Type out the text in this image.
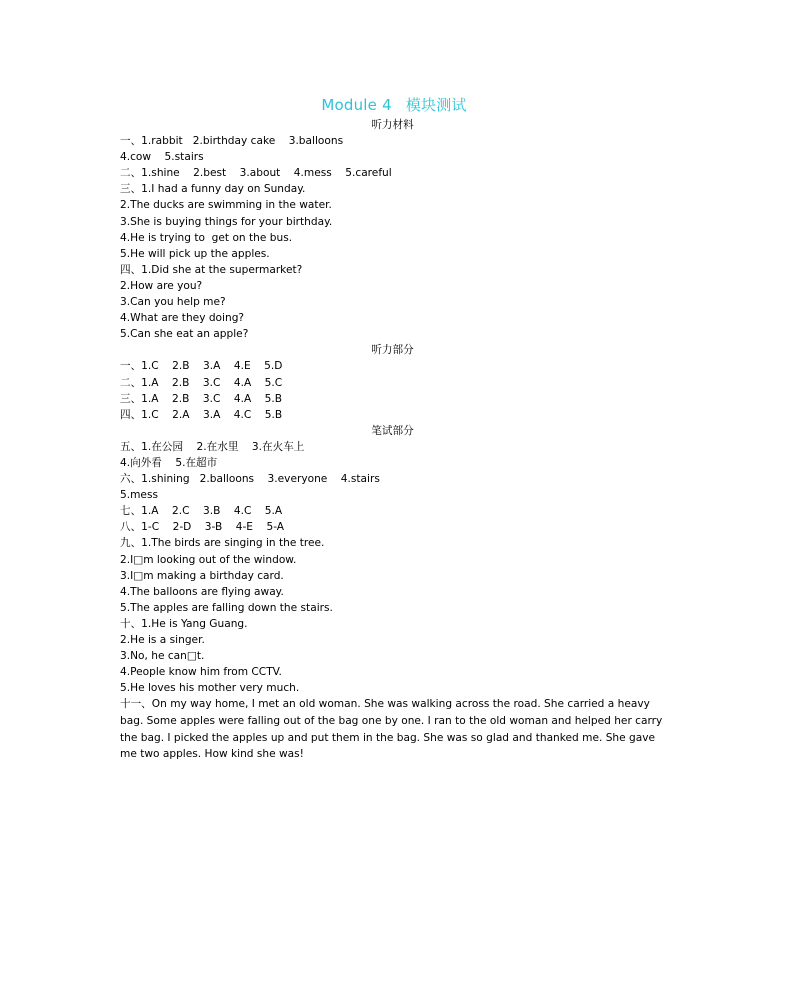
Module 4 模块测试
听力材料
一、1.rabbit   2.birthday cake    3.balloons
4.cow    5.stairs
二、1.shine    2.best    3.about    4.mess    5.careful
三、1.I had a funny day on Sunday.
2.The ducks are swimming in the water.
3.She is buying things for your birthday.
4.He is trying to  get on the bus.
5.He will pick up the apples.
四、1.Did she at the supermarket?
2.How are you?
3.Can you help me?
4.What are they doing?
5.Can she eat an apple?
听力部分
一、1.C    2.B    3.A    4.E    5.D
二、1.A    2.B    3.C    4.A    5.C
三、1.A    2.B    3.C    4.A    5.B
四、1.C    2.A    3.A    4.C    5.B
笔试部分
五、1.在公园    2.在水里    3.在火车上
4.向外看    5.在超市
六、1.shining   2.balloons    3.everyone    4.stairs
5.mess
七、1.A    2.C    3.B    4.C    5.A
八、1-C    2-D    3-B    4-E    5-A
九、1.The birds are singing in the tree.
2.I□m looking out of the window.
3.I□m making a birthday card.
4.The balloons are flying away.
5.The apples are falling down the stairs.
十、1.He is Yang Guang.
2.He is a singer.
3.No, he can□t.
4.People know him from CCTV.
5.He loves his mother very much.
十一、On my way home, I met an old woman. She was walking across the road. She carried a heavy bag. Some apples were falling out of the bag one by one. I ran to the old woman and helped her carry the bag. I picked the apples up and put them in the bag. She was so glad and thanked me. She gave me two apples. How kind she was!
